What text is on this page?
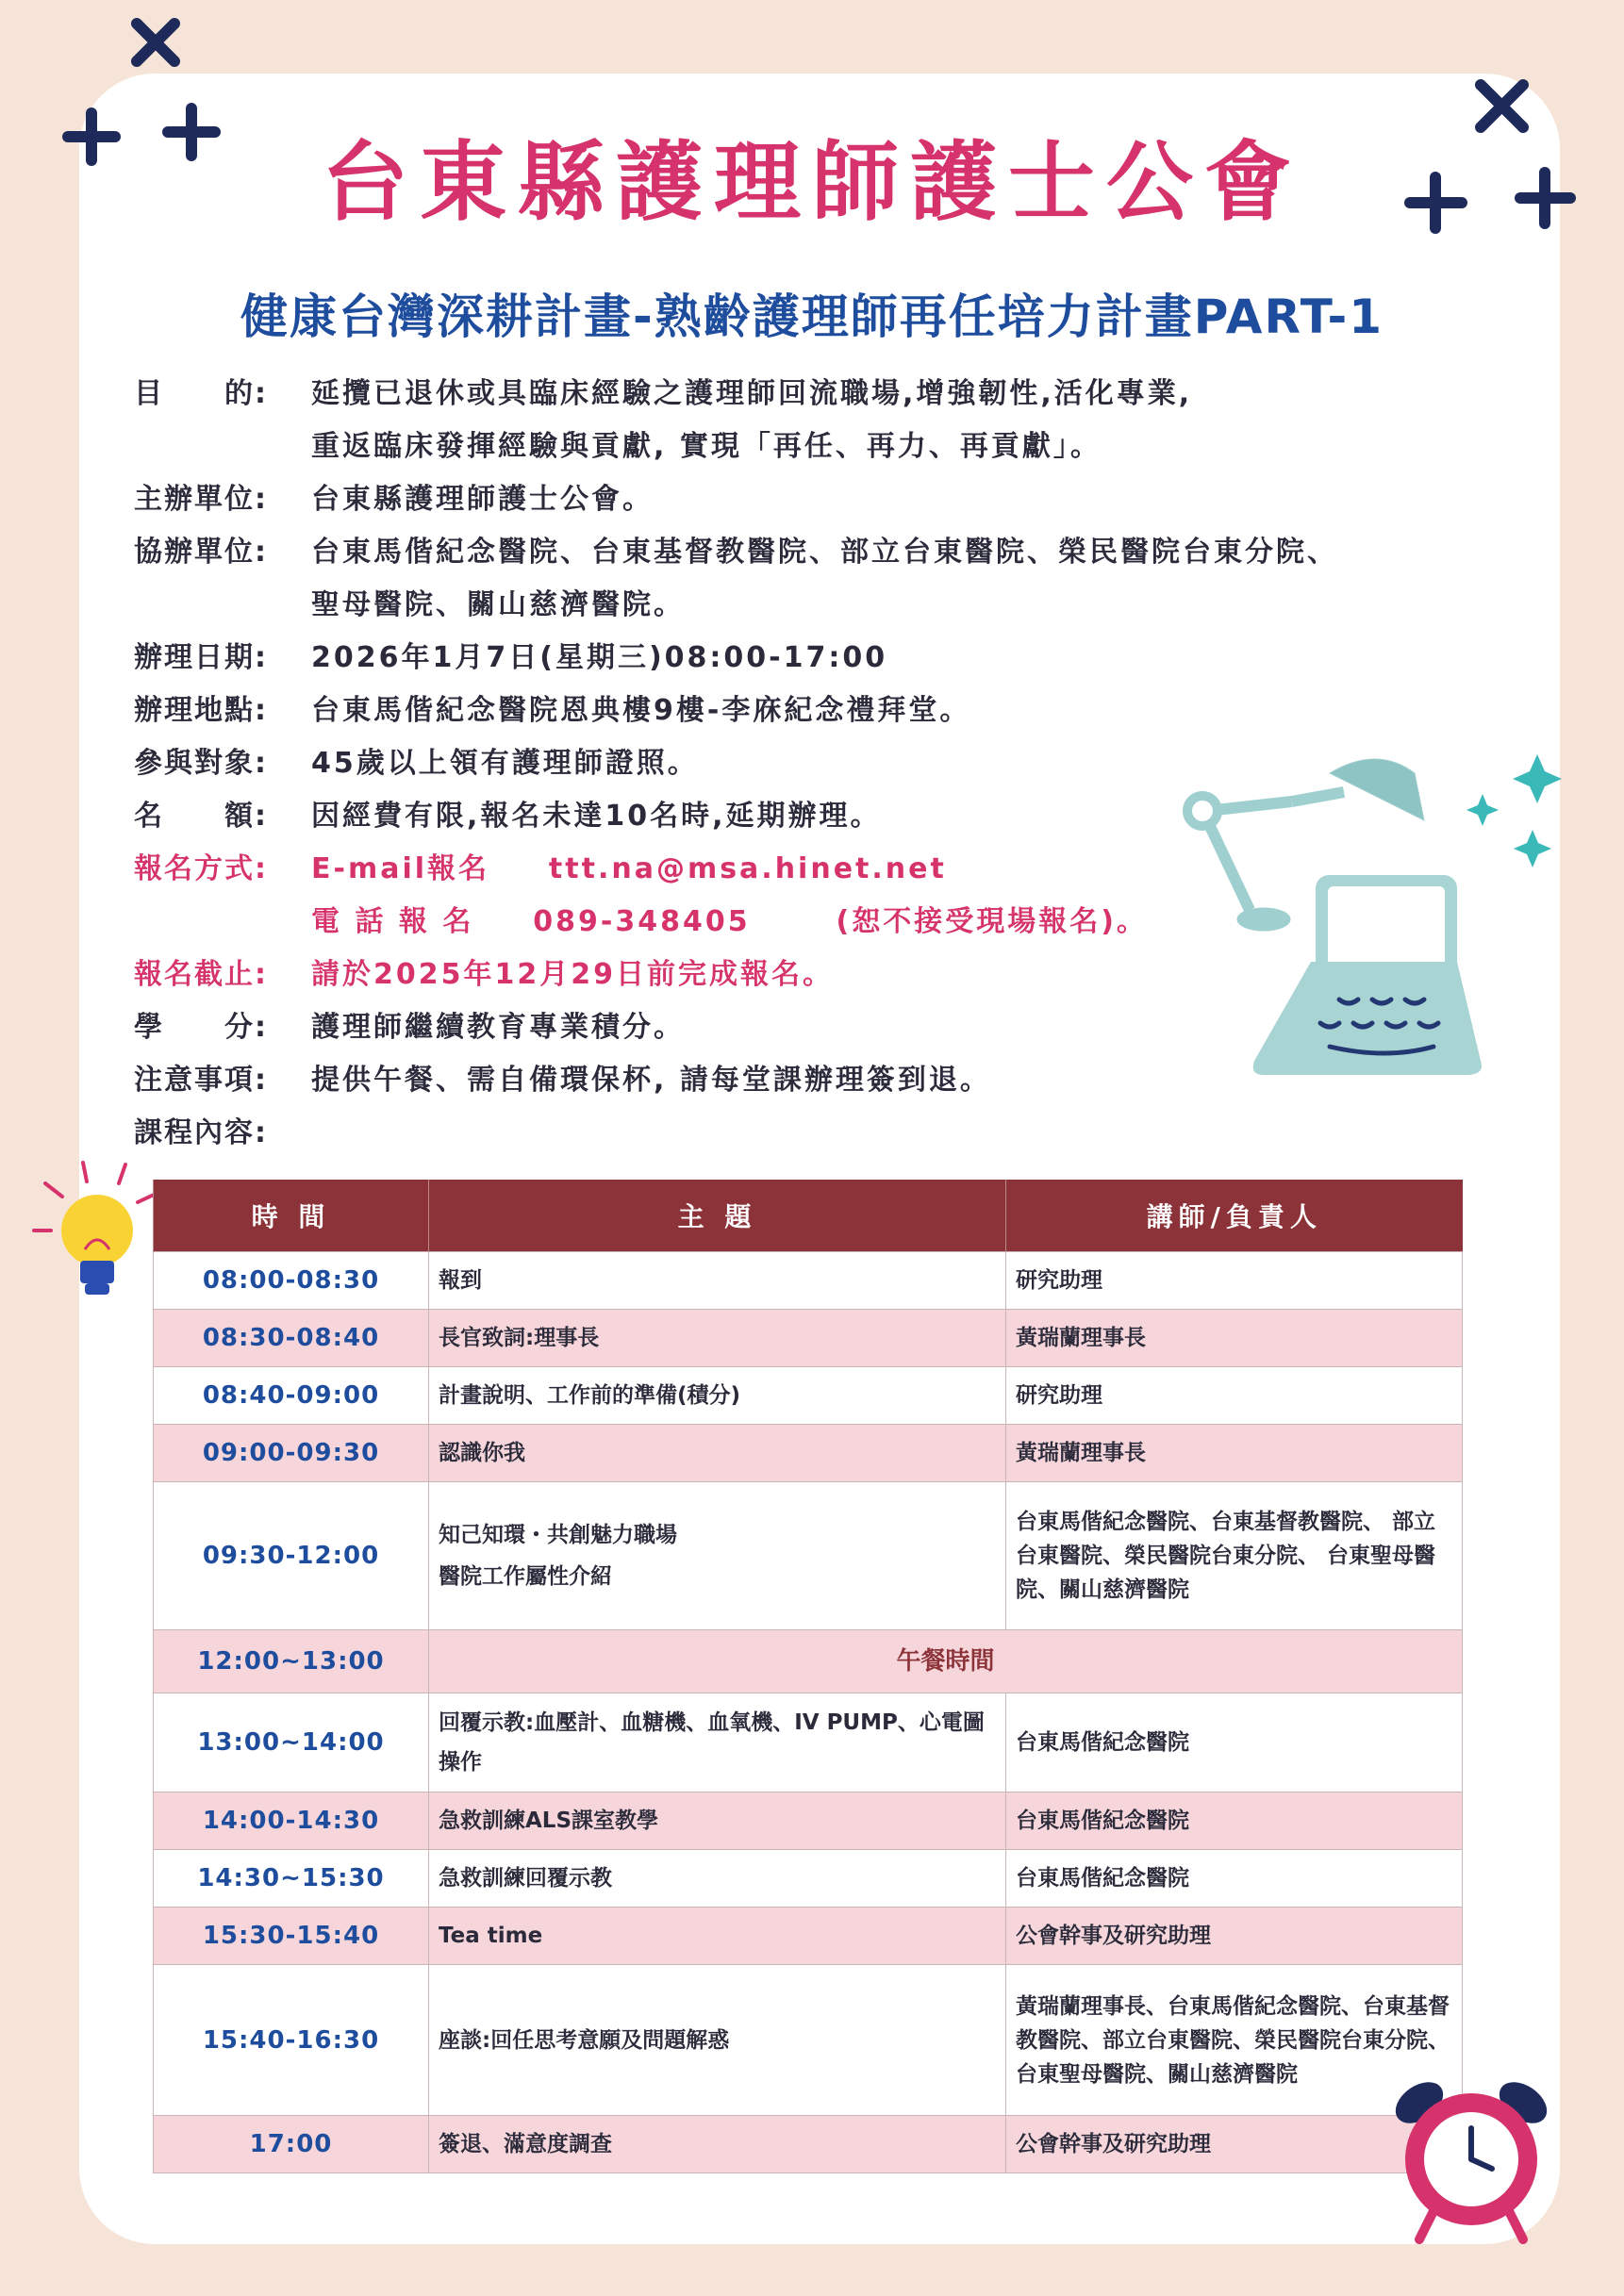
台東縣護理師護士公會
健康台灣深耕計畫-熟齡護理師再任培力計畫PART-1
目　　的:	延攬已退休或具臨床經驗之護理師回流職場,增強韌性,活化專業,
重返臨床發揮經驗與貢獻, 實現「再任、再力、再貢獻」。
主辦單位:	台東縣護理師護士公會。
協辦單位:	台東馬偕紀念醫院、台東基督教醫院、部立台東醫院、榮民醫院台東分院、
聖母醫院、關山慈濟醫院。
辦理日期:	2026年1月7日(星期三)08:00-17:00
辦理地點:	台東馬偕紀念醫院恩典樓9樓-李庥紀念禮拜堂。
參與對象:	45歲以上領有護理師證照。
名　　額:	因經費有限,報名未達10名時,延期辦理。
報名方式:	E-mail報名 ttt.na@msa.hinet.net
電 話 報 名 089-348405	(恕不接受現場報名)。
報名截止:	請於2025年12月29日前完成報名。
學　　分:	護理師繼續教育專業積分。
注意事項:	提供午餐、需自備環保杯, 請每堂課辦理簽到退。
課程內容:
時 間	主 題	講師/負責人
08:00-08:30	報到	研究助理
08:30-08:40	長官致詞:理事長	黃瑞蘭理事長
08:40-09:00	計畫說明、工作前的準備(積分)	研究助理
09:00-09:30	認識你我	黃瑞蘭理事長
09:30-12:00	知己知環・共創魅力職場
醫院工作屬性介紹	台東馬偕紀念醫院、台東基督教醫院、 部立台東醫院、榮民醫院台東分院、 台東聖母醫院、關山慈濟醫院
12:00~13:00	午餐時間	
13:00~14:00	回覆示教:血壓計、血糖機、血氧機、IV PUMP、心電圖操作	台東馬偕紀念醫院
14:00-14:30	急救訓練ALS課室教學	台東馬偕紀念醫院
14:30~15:30	急救訓練回覆示教	台東馬偕紀念醫院
15:30-15:40	Tea time	公會幹事及研究助理
15:40-16:30	座談:回任思考意願及問題解惑	黃瑞蘭理事長、台東馬偕紀念醫院、台東基督教醫院、部立台東醫院、榮民醫院台東分院、台東聖母醫院、關山慈濟醫院
17:00	簽退、滿意度調查	公會幹事及研究助理
